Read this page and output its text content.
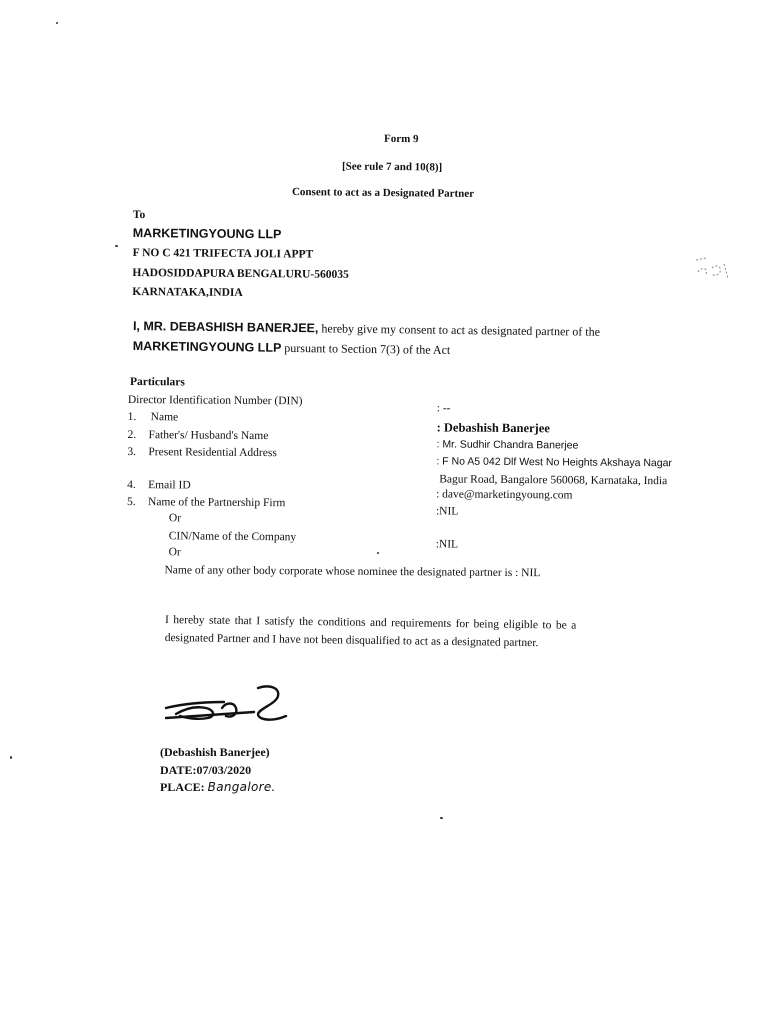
Form 9
[See rule 7 and 10(8)]
Consent to act as a Designated Partner
To
MARKETINGYOUNG LLP
F NO C 421 TRIFECTA JOLI APPT
HADOSIDDAPURA BENGALURU-560035
KARNATAKA,INDIA
I, MR. DEBASHISH BANERJEE, hereby give my consent to act as designated partner of the
MARKETINGYOUNG LLP pursuant to Section 7(3) of the Act
Particulars
Director Identification Number (DIN)
: --
1. Name
: Debashish Banerjee
2. Father's/ Husband's Name
: Mr. Sudhir Chandra Banerjee
3. Present Residential Address
: F No A5 042 Dlf West No Heights Akshaya Nagar
Bagur Road, Bangalore 560068, Karnataka, India
4. Email ID
: dave@marketingyoung.com
5. Name of the Partnership Firm
:NIL
Or
CIN/Name of the Company
:NIL
Or
Name of any other body corporate whose nominee the designated partner is : NIL
I hereby state that I satisfy the conditions and requirements for being eligible to be a
designated Partner and I have not been disqualified to act as a designated partner.
(Debashish Banerjee)
DATE:07/03/2020
PLACE: Bangalore.
